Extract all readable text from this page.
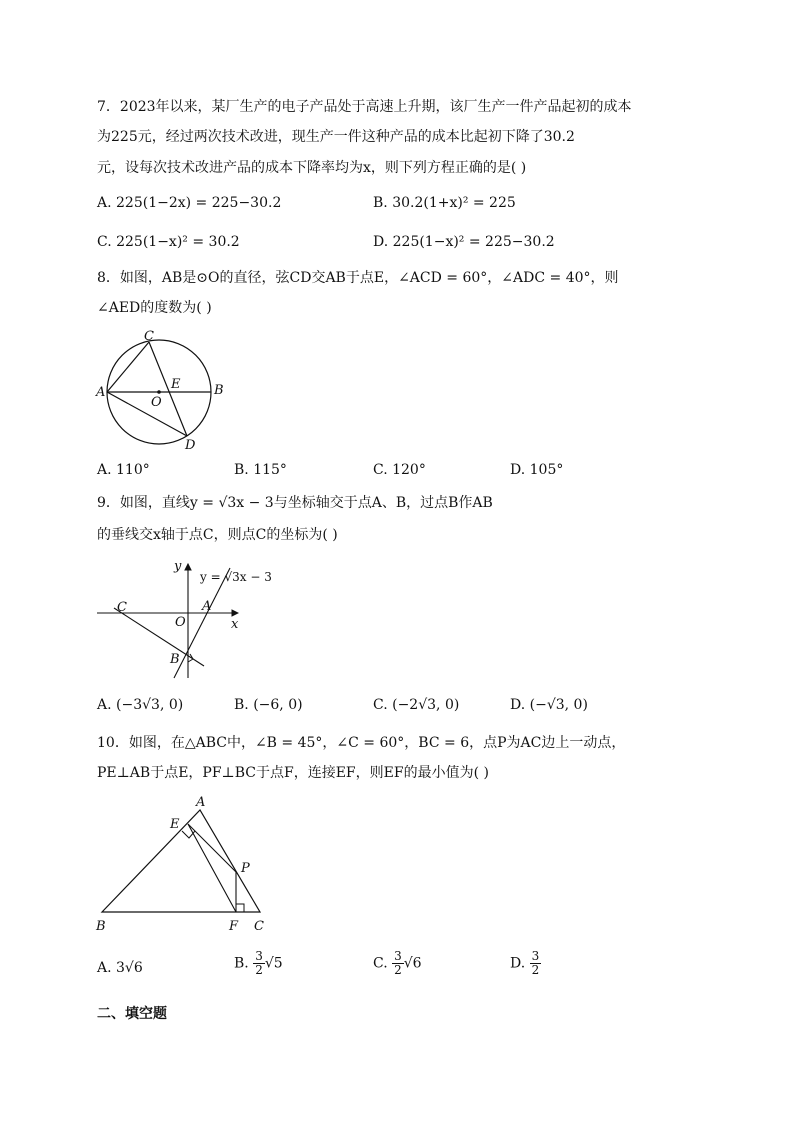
7．2023年以来，某厂生产的电子产品处于高速上升期，该厂生产一件产品起初的成本
为225元，经过两次技术改进，现生产一件这种产品的成本比起初下降了30.2
元，设每次技术改进产品的成本下降率均为x，则下列方程正确的是( )
A. 225(1−2x) = 225−30.2	B. 30.2(1+x)² = 225
C. 225(1−x)² = 30.2	D. 225(1−x)² = 225−30.2
8．如图，AB是⊙O的直径，弦CD交AB于点E，∠ACD = 60°，∠ADC = 40°，则
∠AED的度数为( )
C
A	B
E
O
D
A. 110°	B. 115°	C. 120°	D. 105°
9．如图，直线y = √3x − 3与坐标轴交于点A、B，过点B作AB
的垂线交x轴于点C，则点C的坐标为( )
y
y = √3x − 3
C	A
O	x
B
A. (−3√3, 0)	B. (−6, 0)	C. (−2√3, 0)	D. (−√3, 0)
10．如图，在△ABC中，∠B = 45°，∠C = 60°，BC = 6，点P为AC边上一动点，
PE⊥AB于点E，PF⊥BC于点F，连接EF，则EF的最小值为( )
A
E
P
B	F C
A. 3√6	B. $\frac{3}{2} √5$	C. $\frac{3}{2} √6$	D. $\frac{3}{2}$
二、填空题
